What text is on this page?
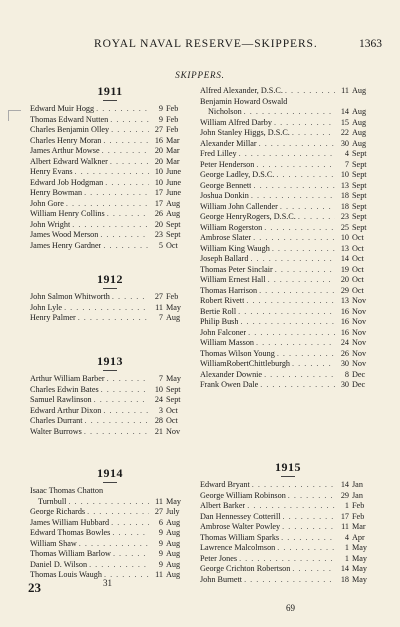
ROYAL NAVAL RESERVE—SKIPPERS.	1363
SKIPPERS.
1911
Edward Muir Hogg . . .	9 Feb
Thomas Edward Nutten . . .	9 Feb
Charles Benjamin Olley . . .	27 Feb
Charles Henry Moran . . .	16 Mar
James Arthur Mowse . . .	20 Mar
Albert Edward Walkner . . .	20 Mar
Henry Evans . . .	10 June
Edward Job Hodgman . . .	10 June
Henry Bowman . . .	17 June
John Gore . . .	17 Aug
William Henry Collins . . .	26 Aug
John Wright . . .	20 Sept
James Wood Merson . . .	23 Sept
James Henry Gardner . . .	5 Oct
1912
John Salmon Whitworth . . .	27 Feb
John Lyle . . .	11 May
Henry Palmer . . .	7 Aug
1913
Arthur William Barber . . .	7 May
Charles Edwin Bates . . .	10 Sept
Samuel Rawlinson . . .	24 Sept
Edward Arthur Dixon . . .	3 Oct
Charles Durrant . . .	28 Oct
Walter Burrows . . .	21 Nov
1914
Isaac Thomas Chatton
Turnbull . . .	11 May
George Richards . . .	27 July
James William Hubbard . . .	6 Aug
Edward Thomas Bowles . . .	9 Aug
William Shaw . . .	9 Aug
Thomas William Barlow . . .	9 Aug
Daniel D. Wilson . . .	9 Aug
Thomas Louis Waugh . . .	11 Aug
31
23
Alfred Alexander, D.S.C. . . .	11 Aug
Benjamin Howard Oswald
Nicholson . . .	14 Aug
William Alfred Darby . . .	15 Aug
John Stanley Higgs, D.S.C. . . .	22 Aug
Alexander Millar . . .	30 Aug
Fred Lilley . . .	4 Sept
Peter Henderson . . .	7 Sept
George Ladley, D.S.C. . . .	10 Sept
George Bennett . . .	13 Sept
Joshua Donkin . . .	18 Sept
William John Callender . . .	18 Sept
George HenryRogers, D.S.C. . . .	23 Sept
William Rogerston . . .	25 Sept
Ambrose Slater . . .	10 Oct
William King Waugh . . .	13 Oct
Joseph Ballard . . .	14 Oct
Thomas Peter Sinclair . . .	19 Oct
William Ernest Hall . . .	20 Oct
Thomas Harrison . . .	29 Oct
Robert Rivett . . .	13 Nov
Bertie Roll . . .	16 Nov
Philip Bush . . .	16 Nov
John Falconer . . .	16 Nov
William Masson . . .	24 Nov
Thomas Wilson Young . . .	26 Nov
WilliamRobertChittleburgh . . .	30 Nov
Alexander Downie . . .	8 Dec
Frank Owen Dale . . .	30 Dec
1915
Edward Bryant . . .	14 Jan
George William Robinson . . .	29 Jan
Albert Barker . . .	1 Feb
Dan Hennessey Cotterill . . .	17 Feb
Ambrose Walter Powley . . .	11 Mar
Thomas William Sparks . . .	4 Apr
Lawrence Malcolmson . . .	1 May
Peter Jones . . .	1 May
George Crichton Robertson . . .	14 May
John Burnett . . .	18 May
69
